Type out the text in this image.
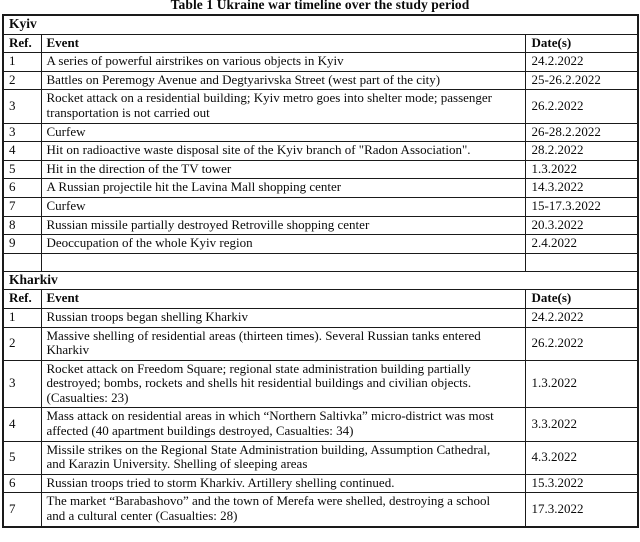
Table 1 Ukraine war timeline over the study period
Kyiv		
Ref.	Event	Date(s)
1	A series of powerful airstrikes on various objects in Kyiv	24.2.2022
2	Battles on Peremogy Avenue and Degtyarivska Street (west part of the city)	25-26.2.2022
3	Rocket attack on a residential building; Kyiv metro goes into shelter mode; passenger transportation is not carried out	26.2.2022
3	Curfew	26-28.2.2022
4	Hit on radioactive waste disposal site of the Kyiv branch of "Radon Association".	28.2.2022
5	Hit in the direction of the TV tower	1.3.2022
6	A Russian projectile hit the Lavina Mall shopping center	14.3.2022
7	Curfew	15-17.3.2022
8	Russian missile partially destroyed Retroville shopping center	20.3.2022
9	Deoccupation of the whole Kyiv region	2.4.2022

Kharkiv		
Ref.	Event	Date(s)
1	Russian troops began shelling Kharkiv	24.2.2022
2	Massive shelling of residential areas (thirteen times). Several Russian tanks entered Kharkiv	26.2.2022
3	Rocket attack on Freedom Square; regional state administration building partially destroyed; bombs, rockets and shells hit residential buildings and civilian objects. (Casualties: 23)	1.3.2022
4	Mass attack on residential areas in which “Northern Saltivka” micro-district was most affected (40 apartment buildings destroyed, Casualties: 34)	3.3.2022
5	Missile strikes on the Regional State Administration building, Assumption Cathedral, and Karazin University. Shelling of sleeping areas	4.3.2022
6	Russian troops tried to storm Kharkiv. Artillery shelling continued.	15.3.2022
7	The market “Barabashovo” and the town of Merefa were shelled, destroying a school and a cultural center (Casualties: 28)	17.3.2022
